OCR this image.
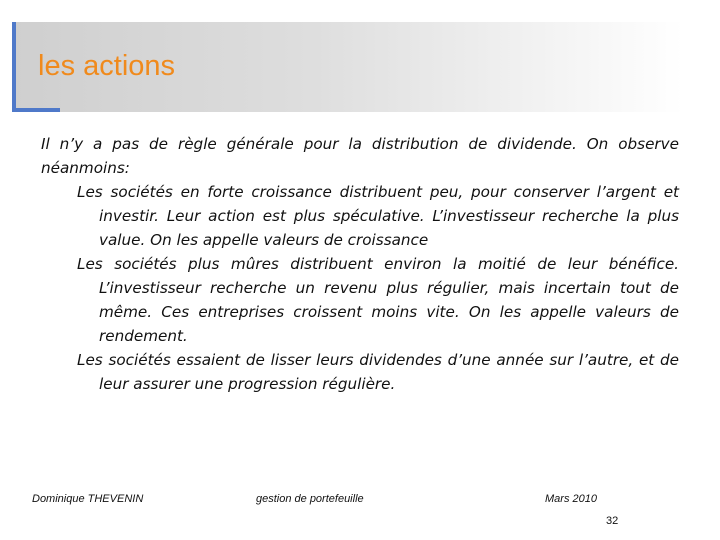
les actions

Il n’y a pas de règle générale pour la distribution de dividende. On observe néanmoins:

Les sociétés en forte croissance distribuent peu, pour conserver l’argent et investir. Leur action est plus spéculative. L’investisseur recherche la plus value. On les appelle valeurs de croissance

Les sociétés plus mûres distribuent environ la moitié de leur bénéfice. L’investisseur recherche un revenu plus régulier, mais incertain tout de même. Ces entreprises croissent moins vite. On les appelle valeurs de rendement.

Les sociétés essaient de lisser leurs dividendes d’une année sur l’autre, et de leur assurer une progression régulière.

Dominique THEVENIN	gestion de portefeuille	Mars 2010
32
